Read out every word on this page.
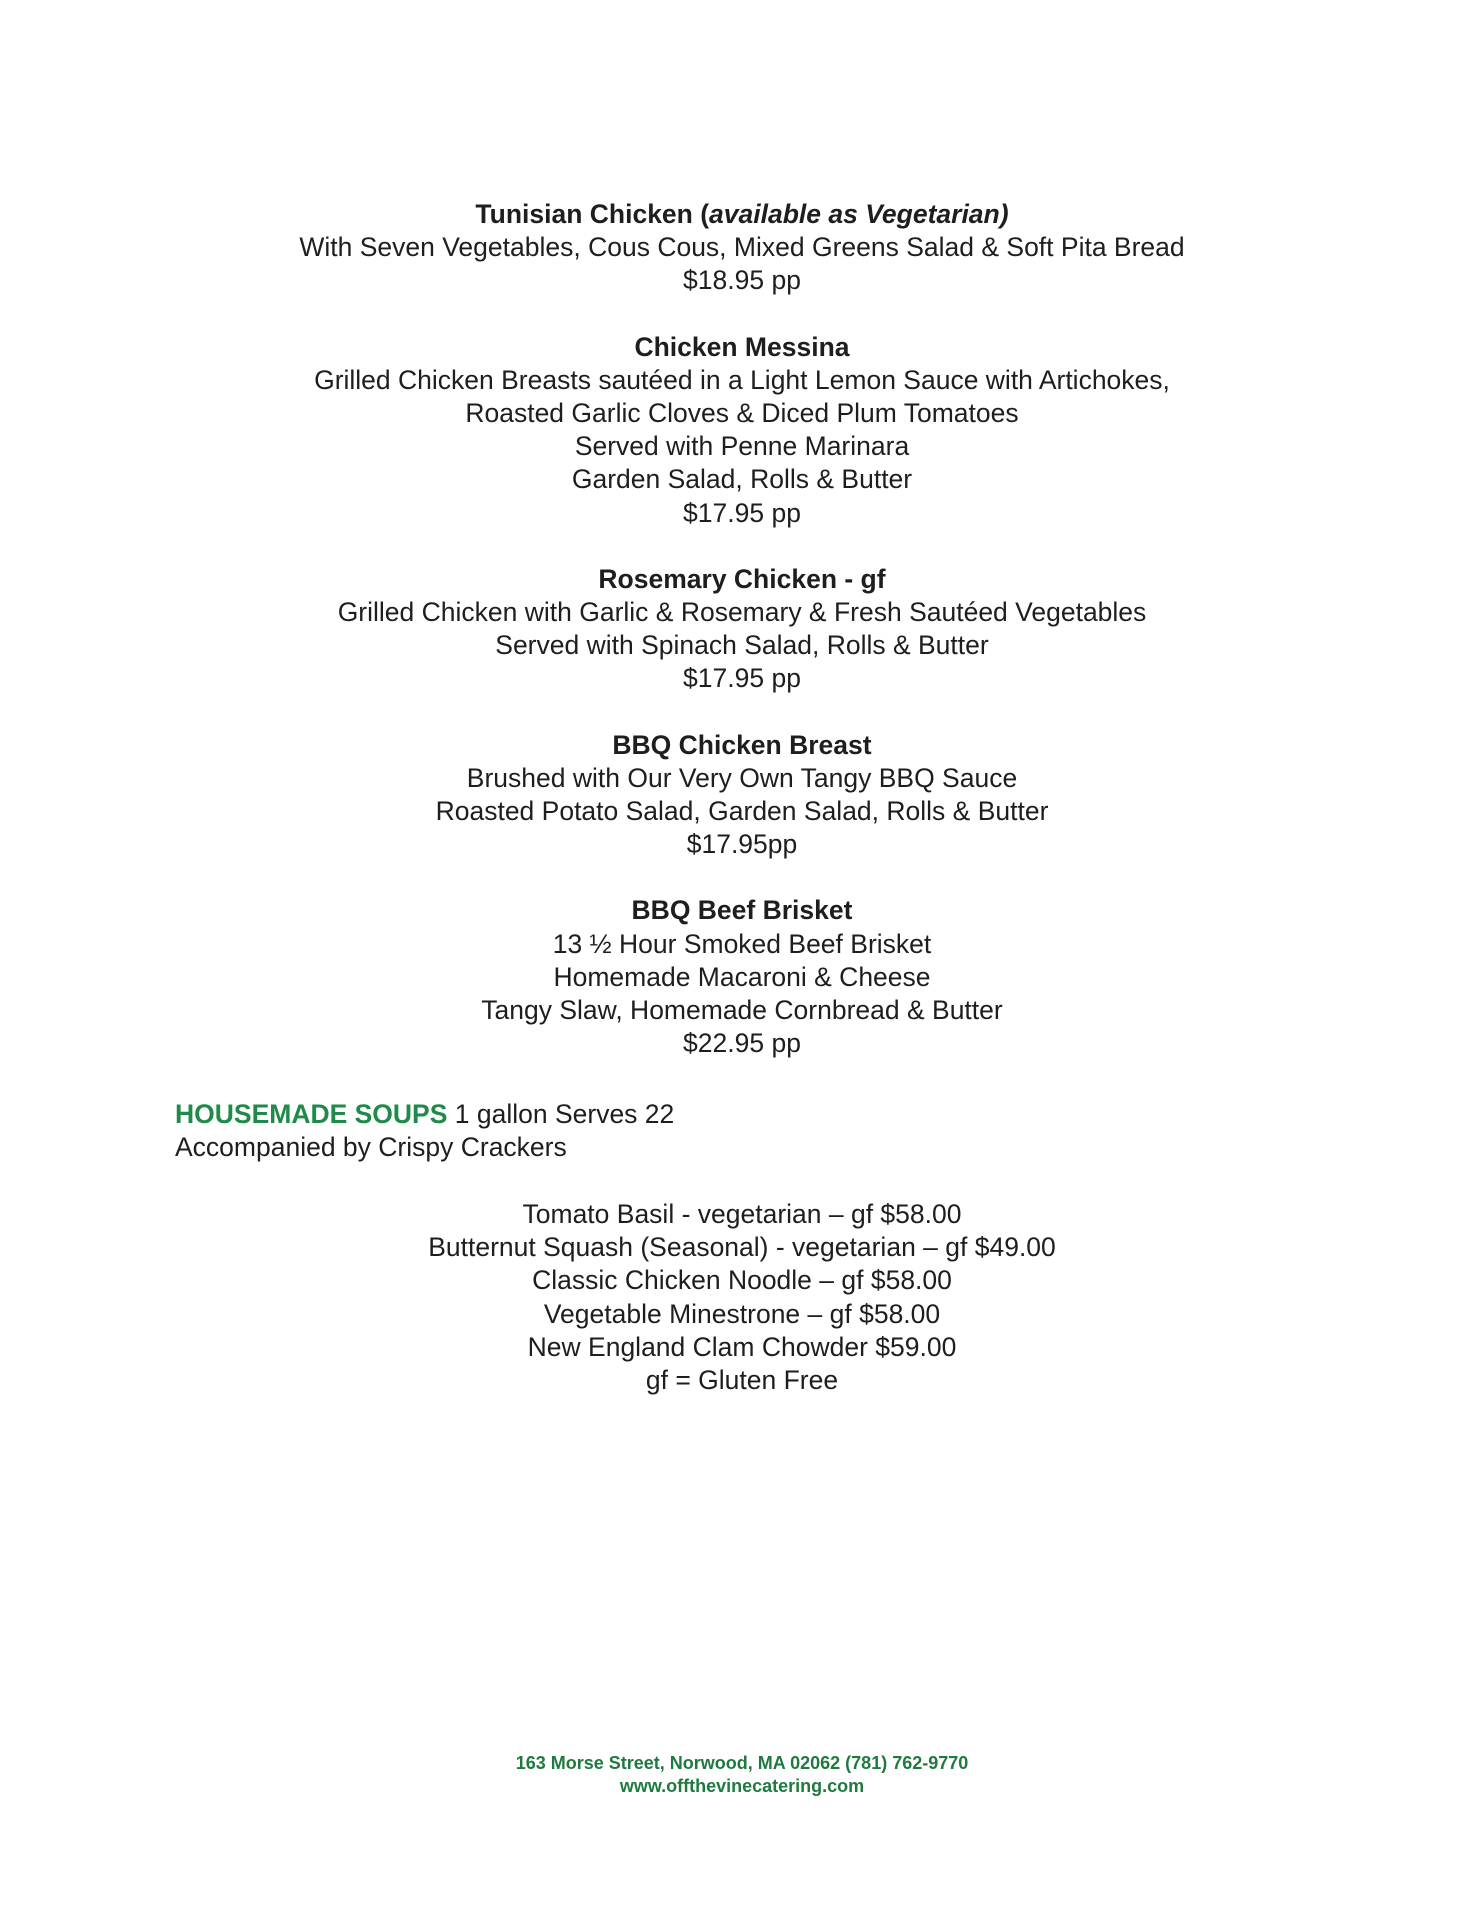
Tunisian Chicken (available as Vegetarian)
With Seven Vegetables, Cous Cous, Mixed Greens Salad & Soft Pita Bread
$18.95 pp
Chicken Messina
Grilled Chicken Breasts sautéed in a Light Lemon Sauce with Artichokes,
Roasted Garlic Cloves & Diced Plum Tomatoes
Served with Penne Marinara
Garden Salad, Rolls & Butter
$17.95 pp
Rosemary Chicken - gf
Grilled Chicken with Garlic & Rosemary & Fresh Sautéed Vegetables
Served with Spinach Salad, Rolls & Butter
$17.95 pp
BBQ Chicken Breast
Brushed with Our Very Own Tangy BBQ Sauce
Roasted Potato Salad, Garden Salad, Rolls & Butter
$17.95pp
BBQ Beef Brisket
13 ½ Hour Smoked Beef Brisket
Homemade Macaroni & Cheese
Tangy Slaw, Homemade Cornbread & Butter
$22.95 pp
HOUSEMADE SOUPS 1 gallon Serves 22
Accompanied by Crispy Crackers
Tomato Basil - vegetarian – gf $58.00
Butternut Squash (Seasonal) - vegetarian – gf $49.00
Classic Chicken Noodle – gf $58.00
Vegetable Minestrone – gf $58.00
New England Clam Chowder $59.00
gf = Gluten Free
163 Morse Street, Norwood, MA 02062 (781) 762-9770
www.offthevinecatering.com
